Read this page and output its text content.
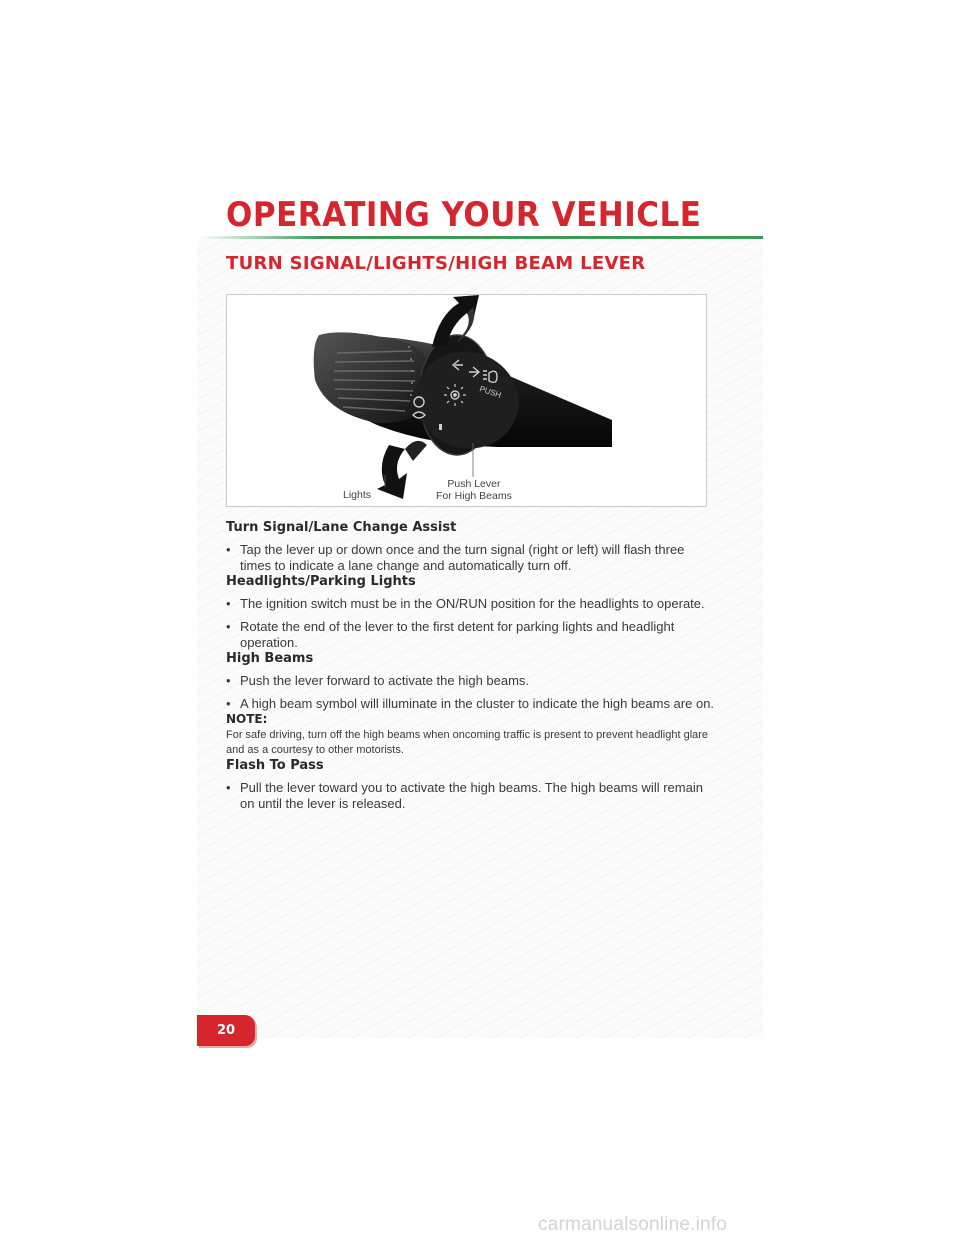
OPERATING YOUR VEHICLE
TURN SIGNAL/LIGHTS/HIGH BEAM LEVER
PUSH
Lights
Push Lever
For High Beams
Turn Signal/Lane Change Assist
• Tap the lever up or down once and the turn signal (right or left) will flash three times to indicate a lane change and automatically turn off.
Headlights/Parking Lights
• The ignition switch must be in the ON/RUN position for the headlights to operate.
• Rotate the end of the lever to the first detent for parking lights and headlight operation.
High Beams
• Push the lever forward to activate the high beams.
• A high beam symbol will illuminate in the cluster to indicate the high beams are on.
NOTE:
For safe driving, turn off the high beams when oncoming traffic is present to prevent headlight glare and as a courtesy to other motorists.
Flash To Pass
• Pull the lever toward you to activate the high beams. The high beams will remain on until the lever is released.
20
carmanualsonline.info
